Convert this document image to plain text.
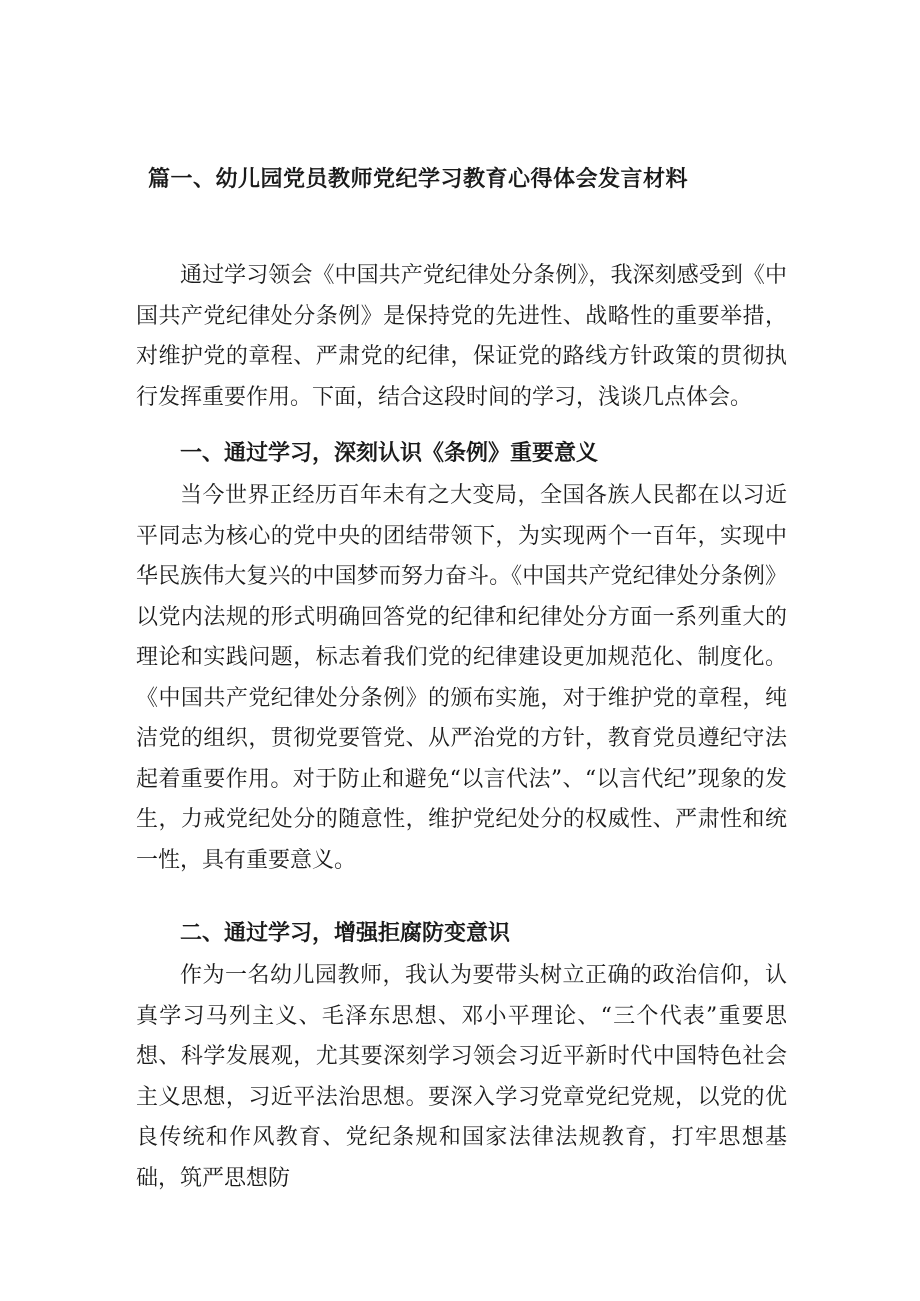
篇一、幼儿园党员教师党纪学习教育心得体会发言材料

通过学习领会《中国共产党纪律处分条例》，我深刻感受到《中国共产党纪律处分条例》是保持党的先进性、战略性的重要举措，对维护党的章程、严肃党的纪律，保证党的路线方针政策的贯彻执行发挥重要作用。下面，结合这段时间的学习，浅谈几点体会。

一、通过学习，深刻认识《条例》重要意义

当今世界正经历百年未有之大变局，全国各族人民都在以习近平同志为核心的党中央的团结带领下，为实现两个一百年，实现中华民族伟大复兴的中国梦而努力奋斗。《中国共产党纪律处分条例》以党内法规的形式明确回答党的纪律和纪律处分方面一系列重大的理论和实践问题，标志着我们党的纪律建设更加规范化、制度化。《中国共产党纪律处分条例》的颁布实施，对于维护党的章程，纯洁党的组织，贯彻党要管党、从严治党的方针，教育党员遵纪守法起着重要作用。对于防止和避免“以言代法”、“以言代纪”现象的发生，力戒党纪处分的随意性，维护党纪处分的权威性、严肃性和统一性，具有重要意义。

二、通过学习，增强拒腐防变意识

作为一名幼儿园教师，我认为要带头树立正确的政治信仰，认真学习马列主义、毛泽东思想、邓小平理论、“三个代表”重要思想、科学发展观，尤其要深刻学习领会习近平新时代中国特色社会主义思想，习近平法治思想。要深入学习党章党纪党规，以党的优良传统和作风教育、党纪条规和国家法律法规教育，打牢思想基础，筑严思想防
